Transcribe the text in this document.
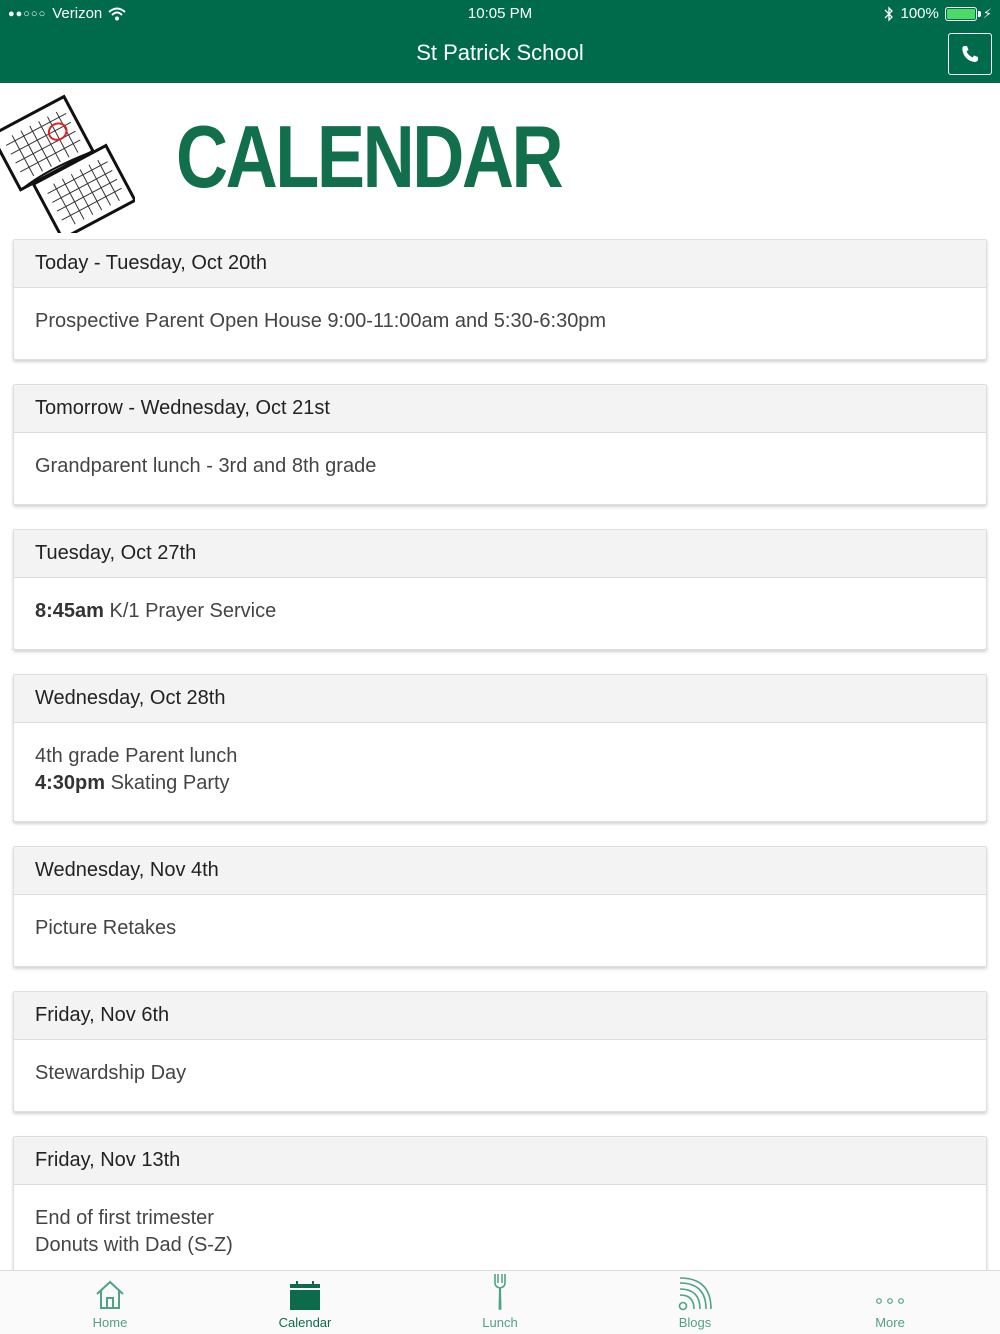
●●○○○ Verizon	10:05 PM	100%	⚡
St Patrick School
CALENDAR
Today - Tuesday, Oct 20th
Prospective Parent Open House 9:00-11:00am and 5:30-6:30pm
Tomorrow - Wednesday, Oct 21st
Grandparent lunch - 3rd and 8th grade
Tuesday, Oct 27th
8:45am K/1 Prayer Service
Wednesday, Oct 28th
4th grade Parent lunch
4:30pm Skating Party
Wednesday, Nov 4th
Picture Retakes
Friday, Nov 6th
Stewardship Day
Friday, Nov 13th
End of first trimester
Donuts with Dad (S-Z)
Home	Calendar	Lunch	Blogs	More
